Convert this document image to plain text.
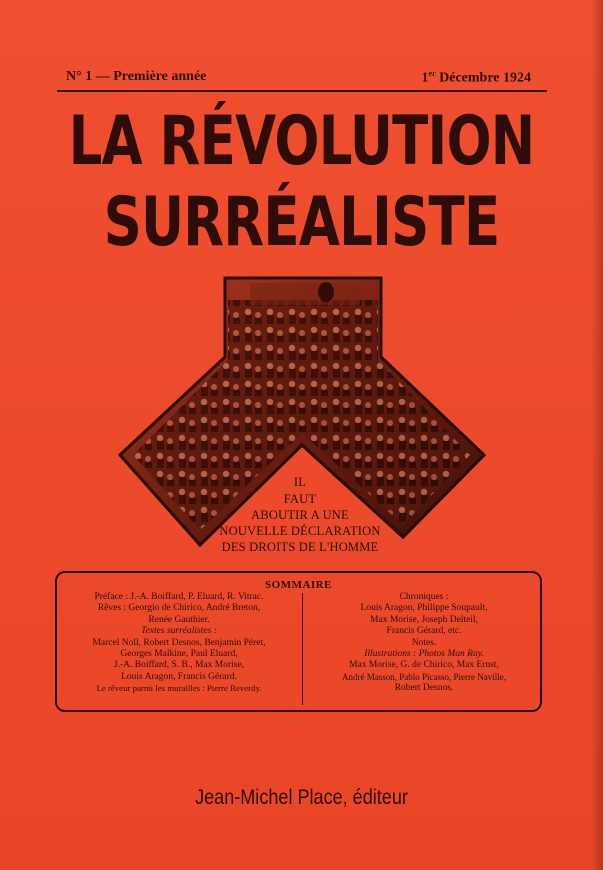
N° 1 — Première année	1er Décembre 1924
LA RÉVOLUTION
SURRÉALISTE
IL
FAUT
ABOUTIR A UNE
NOUVELLE DÉCLARATION
DES DROITS DE L'HOMME
SOMMAIRE
Préface : J.-A. Boiffard, P. Eluard, R. Vitrac.
Rêves : Georgio de Chirico, André Breton,
Renée Gauthier.
Textes surréalistes :
Marcel Noll, Robert Desnos, Benjamin Péret,
Georges Malkine, Paul Eluard,
J.-A. Boiffard, S. B., Max Morise,
Louis Aragon, Francis Gérard.
Le rêveur parmi les murailles : Pierre Reverdy.
Chroniques :
Louis Aragon, Philippe Soupault,
Max Morise, Joseph Delteil,
Francis Gérard, etc.
Notes.
Illustrations : Photos Man Ray.
Max Morise, G. de Chirico, Max Ernst,
André Masson, Pablo Picasso, Pierre Naville,
Robert Desnos.
Jean-Michel Place, éditeur
